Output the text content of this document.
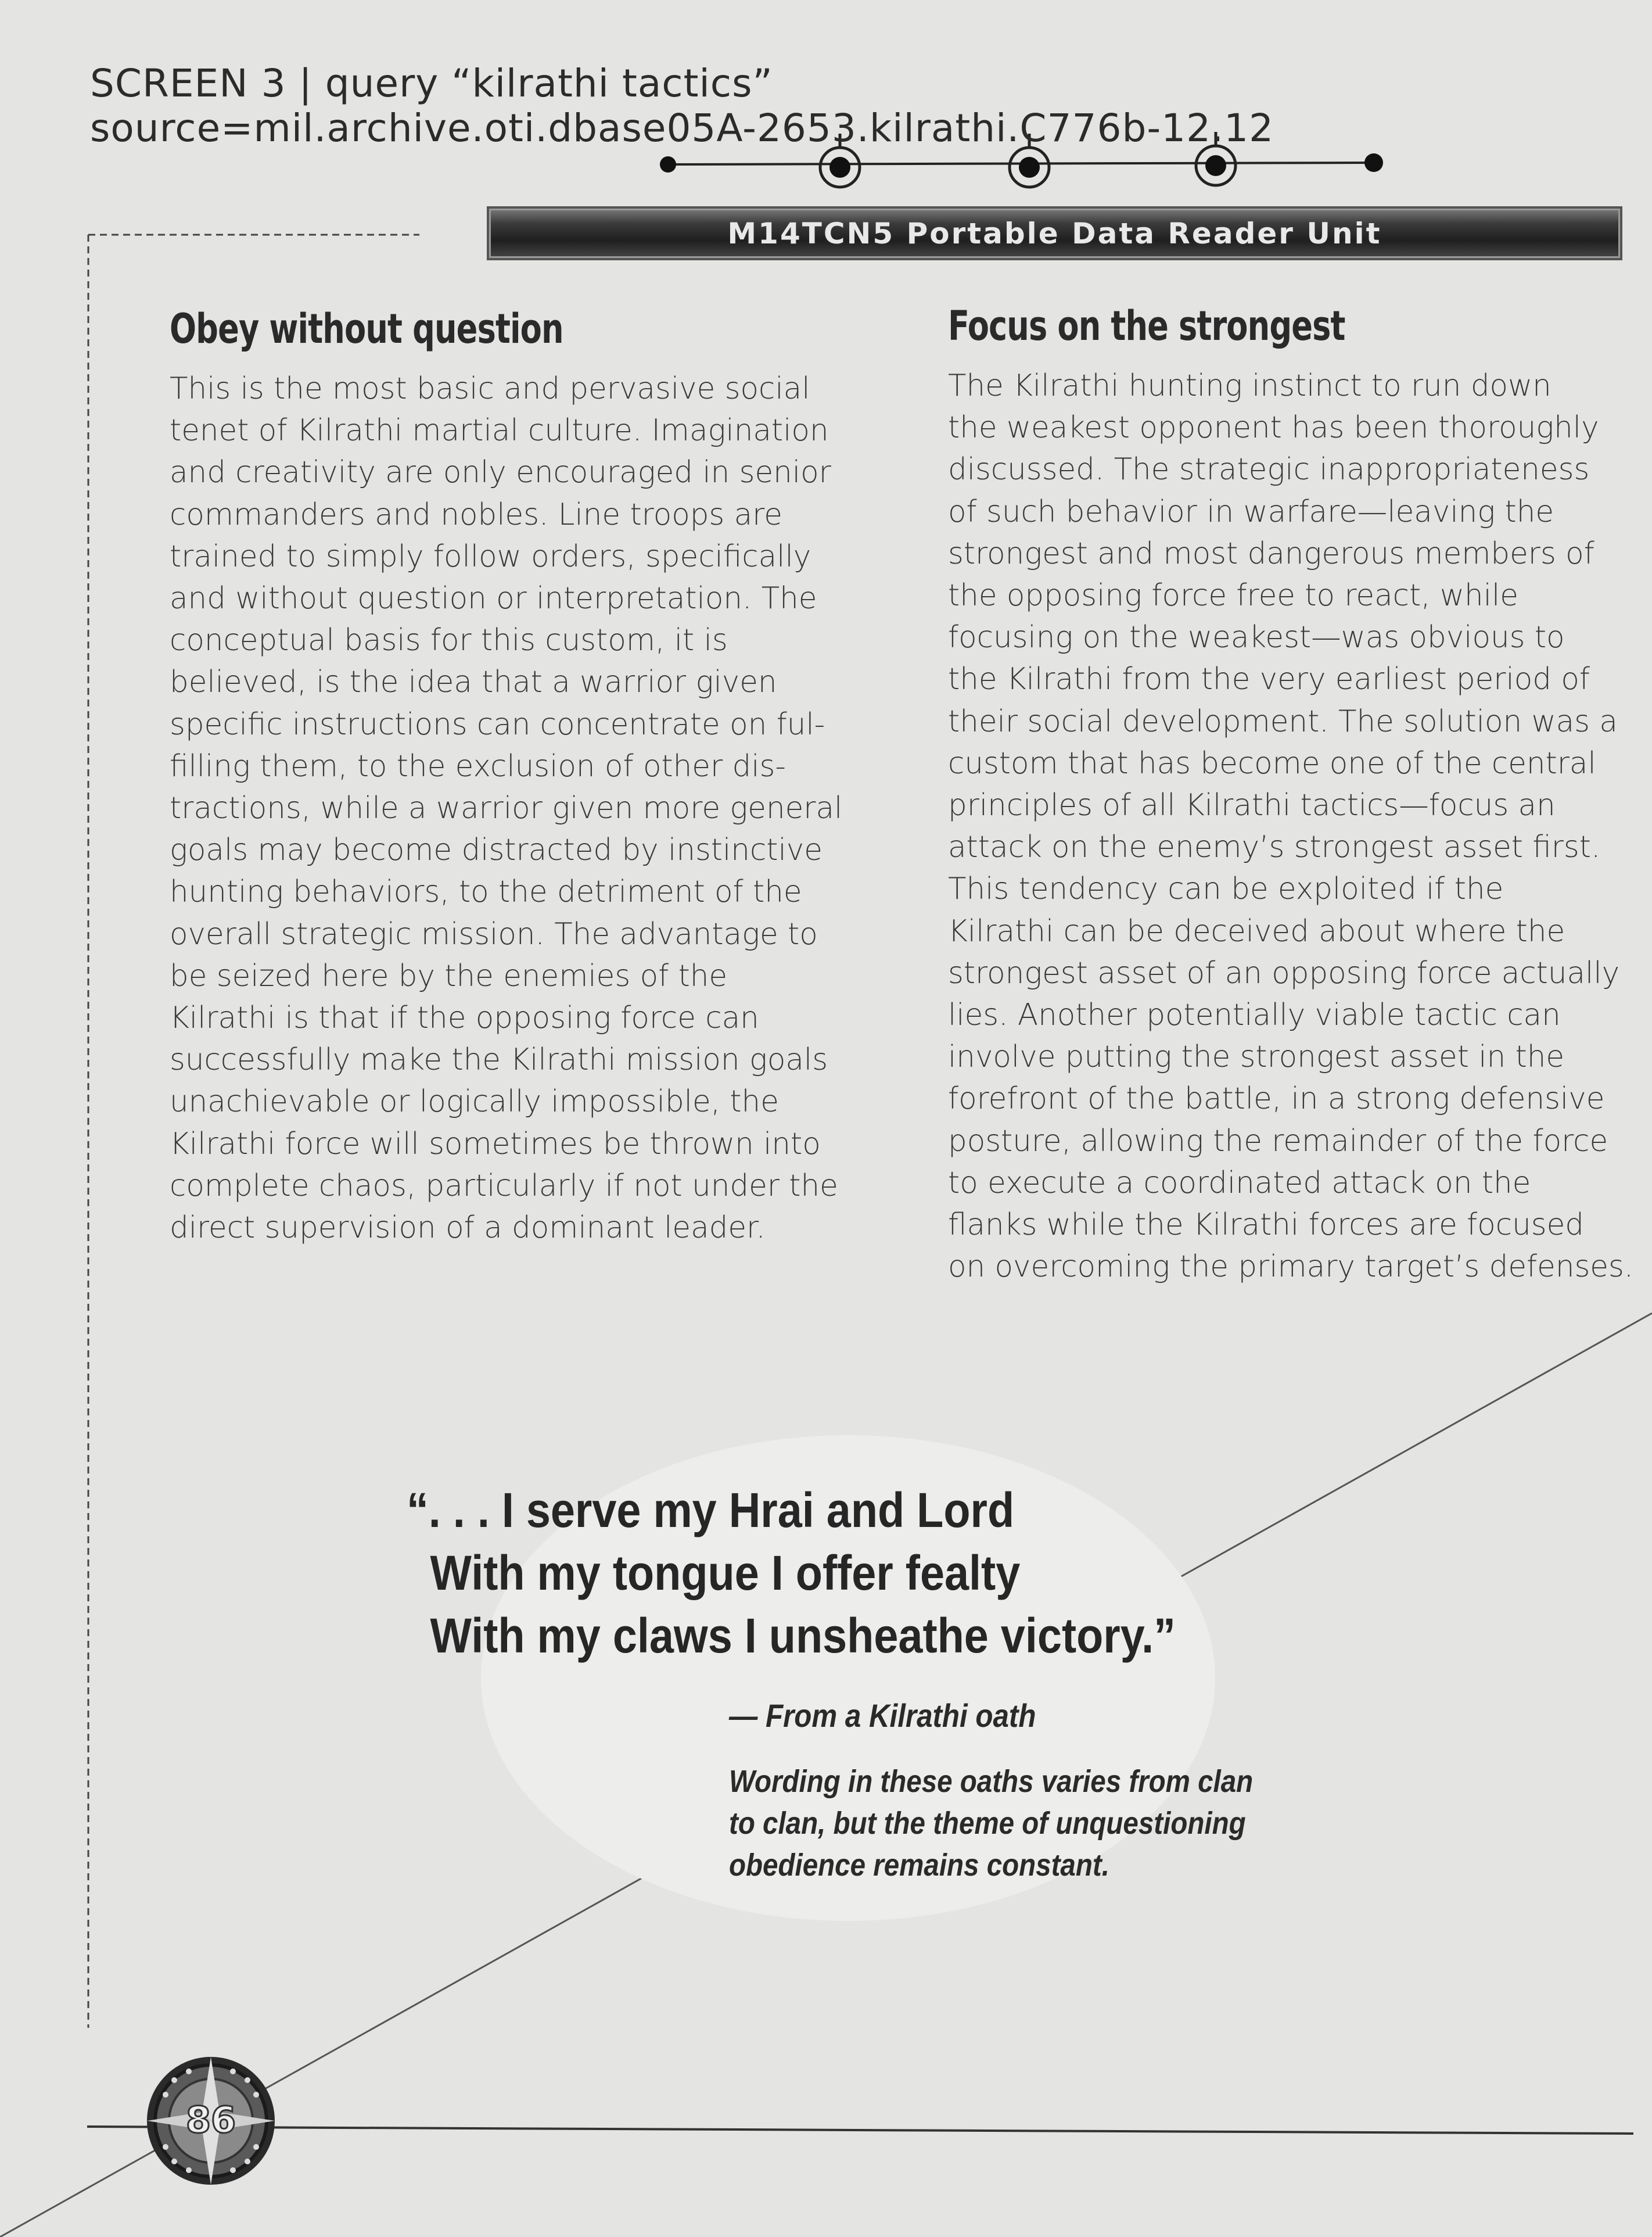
SCREEN 3 | query “kilrathi tactics”
source=mil.archive.oti.dbase05A-2653.kilrathi.C776b-12.12
M14TCN5 Portable Data Reader Unit
Obey without question

This is the most basic and pervasive social
tenet of Kilrathi martial culture. Imagination
and creativity are only encouraged in senior
commanders and nobles. Line troops are
trained to simply follow orders, specifically
and without question or interpretation. The
conceptual basis for this custom, it is
believed, is the idea that a warrior given
specific instructions can concentrate on ful-
filling them, to the exclusion of other dis-
tractions, while a warrior given more general
goals may become distracted by instinctive
hunting behaviors, to the detriment of the
overall strategic mission. The advantage to
be seized here by the enemies of the
Kilrathi is that if the opposing force can
successfully make the Kilrathi mission goals
unachievable or logically impossible, the
Kilrathi force will sometimes be thrown into
complete chaos, particularly if not under the
direct supervision of a dominant leader.

Focus on the strongest

The Kilrathi hunting instinct to run down
the weakest opponent has been thoroughly
discussed. The strategic inappropriateness
of such behavior in warfare—leaving the
strongest and most dangerous members of
the opposing force free to react, while
focusing on the weakest—was obvious to
the Kilrathi from the very earliest period of
their social development. The solution was a
custom that has become one of the central
principles of all Kilrathi tactics—focus an
attack on the enemy’s strongest asset first.
This tendency can be exploited if the
Kilrathi can be deceived about where the
strongest asset of an opposing force actually
lies. Another potentially viable tactic can
involve putting the strongest asset in the
forefront of the battle, in a strong defensive
posture, allowing the remainder of the force
to execute a coordinated attack on the
flanks while the Kilrathi forces are focused
on overcoming the primary target’s defenses.

“. . . I serve my Hrai and Lord
With my tongue I offer fealty
With my claws I unsheathe victory.”
— From a Kilrathi oath
Wording in these oaths varies from clan
to clan, but the theme of unquestioning
obedience remains constant.
86
